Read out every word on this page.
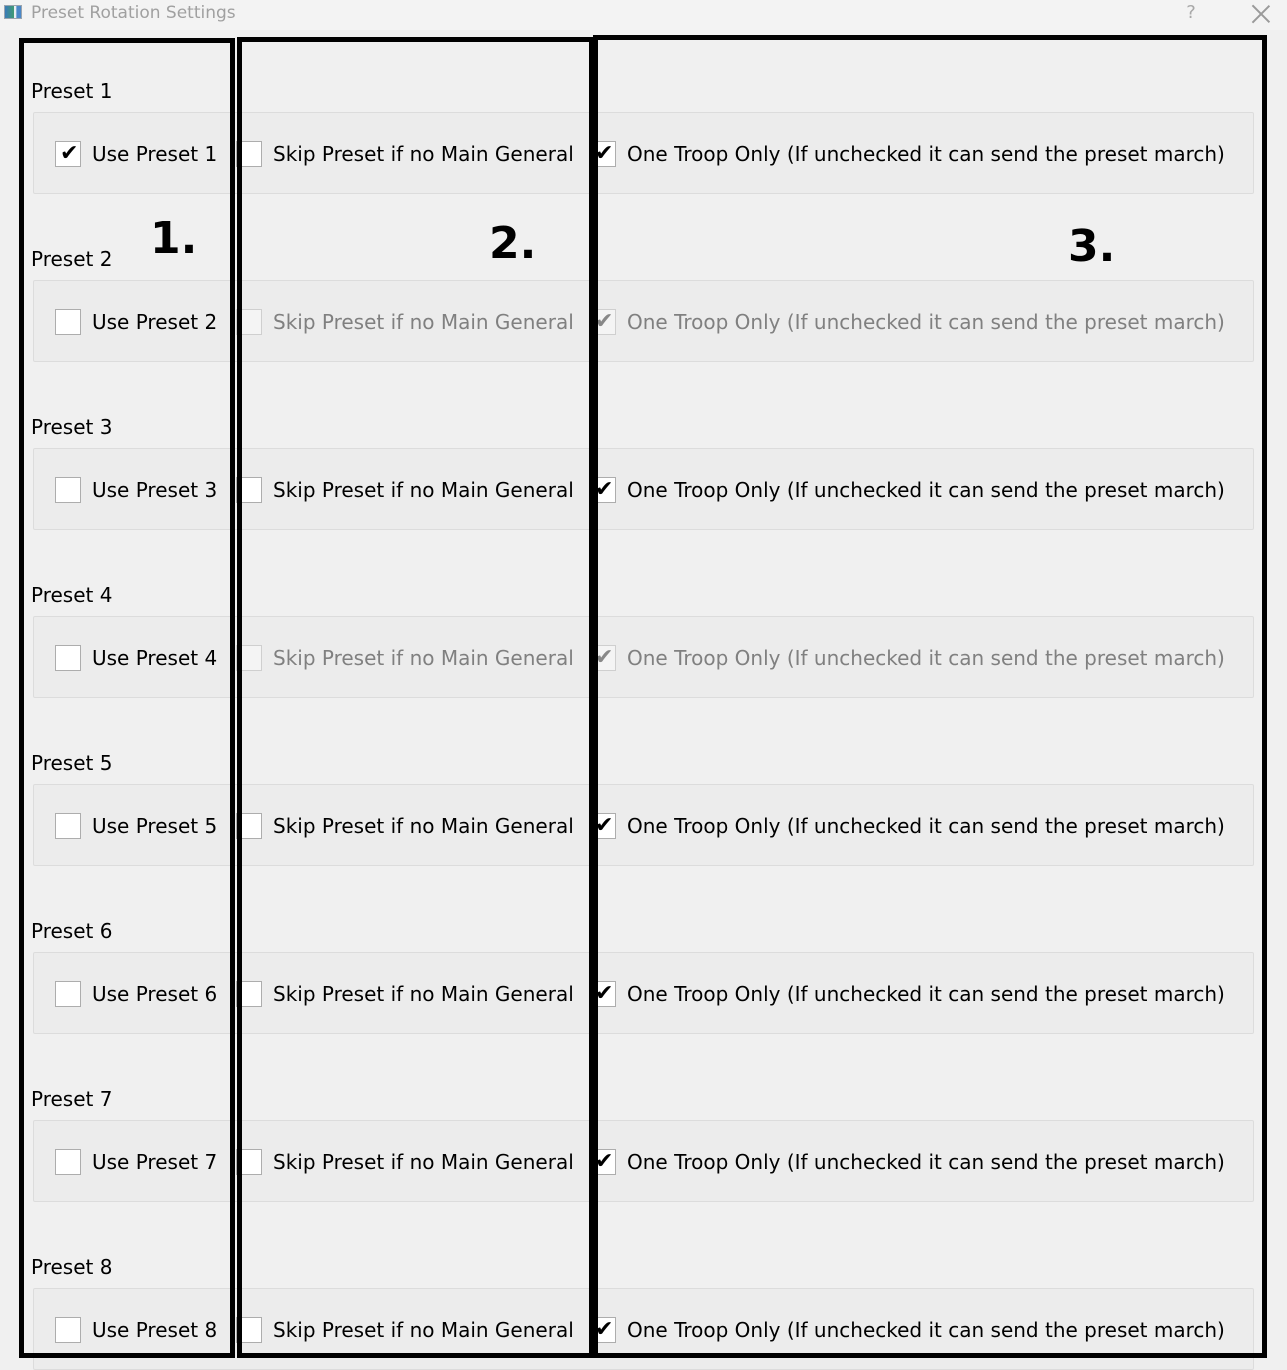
Preset Rotation Settings	?
Preset 1
✔ Use Preset 1	Skip Preset if no Main General ✔ One Troop Only (If unchecked it can send the preset march)
Preset 2
Use Preset 2	Skip Preset if no Main General ✔ One Troop Only (If unchecked it can send the preset march)
Preset 3
Use Preset 3	Skip Preset if no Main General ✔ One Troop Only (If unchecked it can send the preset march)
Preset 4
Use Preset 4	Skip Preset if no Main General ✔ One Troop Only (If unchecked it can send the preset march)
Preset 5
Use Preset 5	Skip Preset if no Main General ✔ One Troop Only (If unchecked it can send the preset march)
Preset 6
Use Preset 6	Skip Preset if no Main General ✔ One Troop Only (If unchecked it can send the preset march)
Preset 7
Use Preset 7	Skip Preset if no Main General ✔ One Troop Only (If unchecked it can send the preset march)
Preset 8
Use Preset 8	Skip Preset if no Main General ✔ One Troop Only (If unchecked it can send the preset march)
1.	2.	3.
